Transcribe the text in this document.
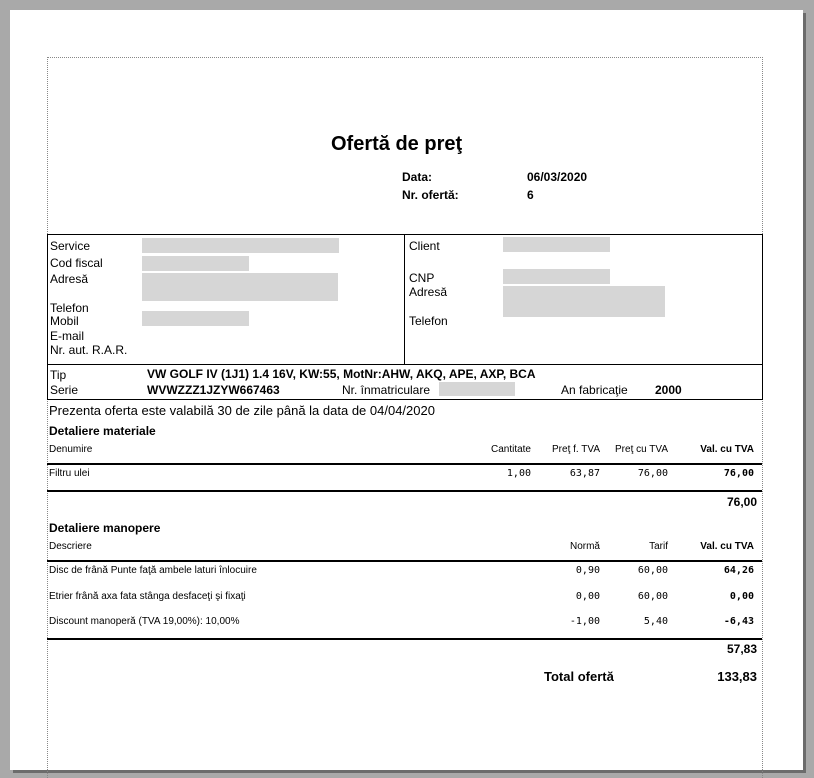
Ofertă de preţ
Data:	06/03/2020
Nr. ofertă:	6
Service
Cod fiscal
Adresă
Telefon
Mobil
E-mail
Nr. aut. R.A.R.
Client
CNP
Adresă
Telefon
Tip	VW GOLF IV (1J1) 1.4 16V, KW:55, MotNr:AHW, AKQ, APE, AXP, BCA
Serie	WVWZZZ1JZYW667463	Nr. înmatriculare	An fabricaţie 2000
Prezenta oferta este valabilă 30 de zile până la data de 04/04/2020
Detaliere materiale
Denumire	Cantitate	Preţ f. TVA	Preţ cu TVA	Val. cu TVA
Filtru ulei	1,00	63,87	76,00	76,00
76,00
Detaliere manopere
Descriere	Normă	Tarif	Val. cu TVA
Disc de frână Punte faţă ambele laturi înlocuire	0,90	60,00	64,26
Etrier frână axa fata stânga desfaceţi şi fixaţi	0,00	60,00	0,00
Discount manoperă (TVA 19,00%): 10,00%	-1,00	5,40	-6,43
57,83
Total ofertă	133,83
